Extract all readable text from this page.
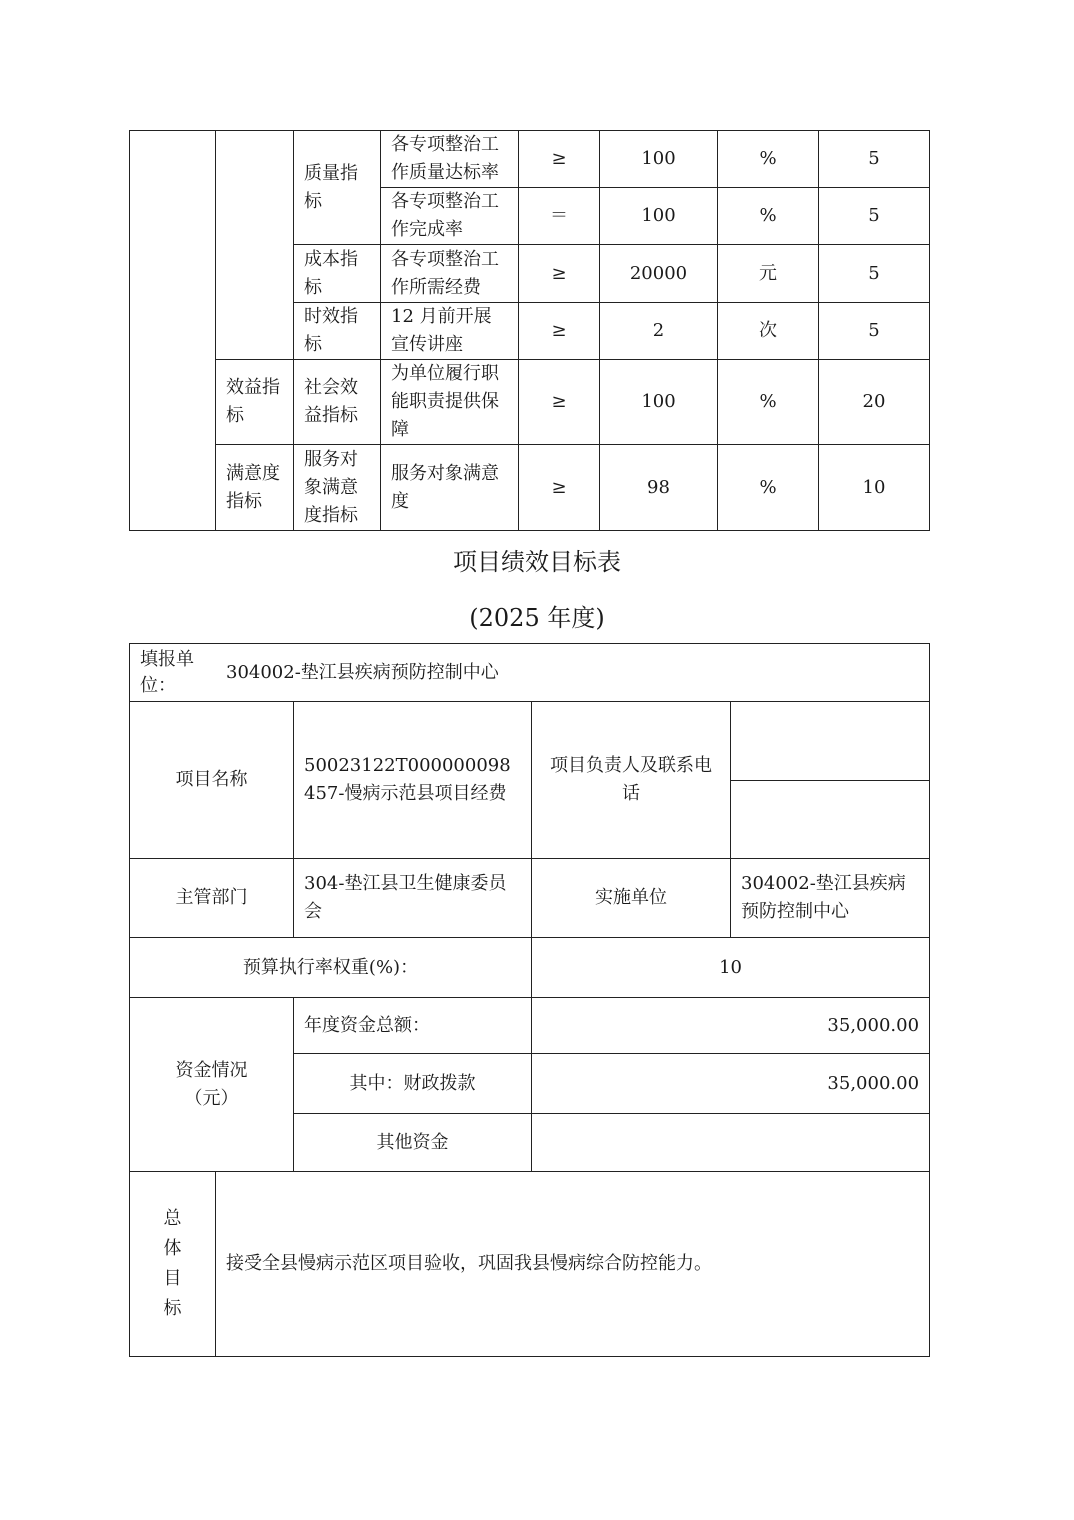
		质量指标	各专项整治工作质量达标率	≥	100	%	5
			各专项整治工作完成率	＝	100	%	5
		成本指标	各专项整治工作所需经费	≥	20000	元	5
		时效指标	12 月前开展宣传讲座	≥	2	次	5
	效益指标	社会效益指标	为单位履行职能职责提供保障	≥	100	%	20
	满意度指标	服务对象满意度指标	服务对象满意度	≥	98	%	10
项目绩效目标表
(2025 年度)
填报单位：
304002-垫江县疾病预防控制中心				

项目名称		50023122T000000098457-慢病示范县项目经费	项目负责人及联系电话	

主管部门		304-垫江县卫生健康委员会	实施单位	304002-垫江县疾病预防控制中心
预算执行率权重(%)：			10	

资金情况（元）		年度资金总额：	35,000.00	
		其中：财政拨款	35,000.00	
		其他资金		

总
体
目
标	接受全县慢病示范区项目验收，巩固我县慢病综合防控能力。			
